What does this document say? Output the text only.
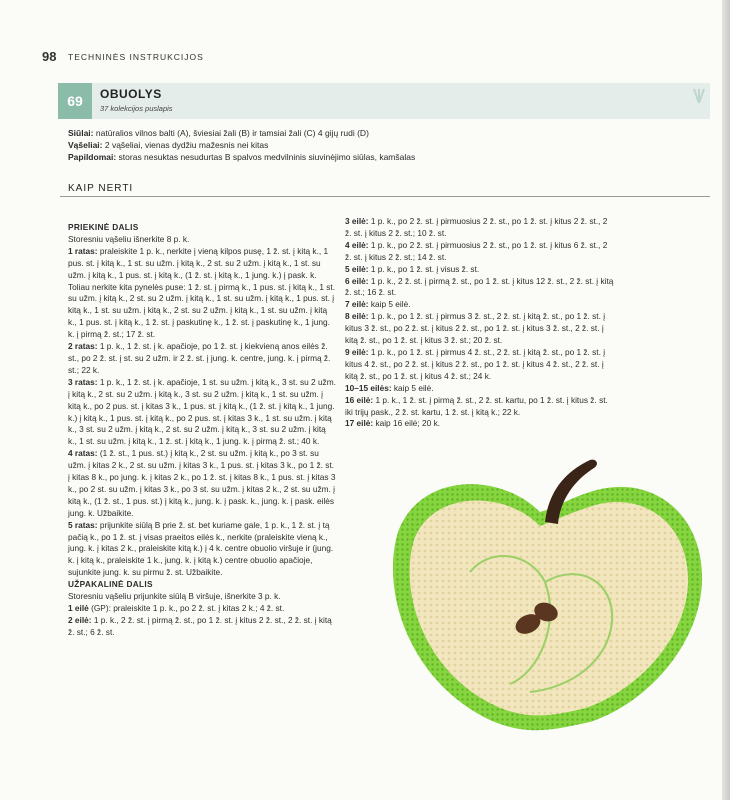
98 TECHNINĖS INSTRUKCIJOS
69	OBUOLYS
37 kolekcijos puslapis
Siūlai: natūralios vilnos balti (A), šviesiai žali (B) ir tamsiai žali (C) 4 gijų rudi (D)
Vąšeliai: 2 vąšeliai, vienas dydžiu mažesnis nei kitas
Papildomai: storas nesuktas nesudurtas B spalvos medvilninis siuvinėjimo siūlas, kamšalas
KAIP NERTI

PRIEKINĖ DALIS

Storesniu vąšeliu išnerkite 8 p. k.

1 ratas: praleiskite 1 p. k., nerkite į vieną kilpos pusę, 1 ž. st. į kitą k., 1 pus. st. į kitą k., 1 st. su užm. į kitą k., 2 st. su 2 užm. į kitą k., 1 st. su užm. į kitą k., 1 pus. st. į kitą k., (1 ž. st. į kitą k., 1 jung. k.) į pask. k. Toliau nerkite kita pynelės puse: 1 ž. st. į pirmą k., 1 pus. st. į kitą k., 1 st. su užm. į kitą k., 2 st. su 2 užm. į kitą k., 1 st. su užm. į kitą k., 1 pus. st. į kitą k., 1 st. su užm. į kitą k., 2 st. su 2 užm. į kitą k., 1 st. su užm. į kitą k., 1 pus. st. į kitą k., 1 ž. st. į paskutinę k., 1 ž. st. į paskutinę k., 1 jung. k. į pirmą ž. st.; 17 ž. st.

2 ratas: 1 p. k., 1 ž. st. į k. apačioje, po 1 ž. st. į kiekvieną anos eilės ž. st., po 2 ž. st. į st. su 2 užm. ir 2 ž. st. į jung. k. centre, jung. k. į pirmą ž. st.; 22 k.

3 ratas: 1 p. k., 1 ž. st. į k. apačioje, 1 st. su užm. į kitą k., 3 st. su 2 užm. į kitą k., 2 st. su 2 užm. į kitą k., 3 st. su 2 užm. į kitą k., 1 st. su užm. į kitą k., po 2 pus. st. į kitas 3 k., 1 pus. st. į kitą k., (1 ž. st. į kitą k., 1 jung. k.) į kitą k., 1 pus. st. į kitą k., po 2 pus. st. į kitas 3 k., 1 st. su užm. į kitą k., 3 st. su 2 užm. į kitą k., 2 st. su 2 užm. į kitą k., 3 st. su 2 užm. į kitą k., 1 st. su užm. į kitą k., 1 ž. st. į kitą k., 1 jung. k. į pirmą ž. st.; 40 k.

4 ratas: (1 ž. st., 1 pus. st.) į kitą k., 2 st. su užm. į kitą k., po 3 st. su užm. į kitas 2 k., 2 st. su užm. į kitas 3 k., 1 pus. st. į kitas 3 k., po 1 ž. st. į kitas 8 k., po jung. k. į kitas 2 k., po 1 ž. st. į kitas 8 k., 1 pus. st. į kitas 3 k., po 2 st. su užm. į kitas 3 k., po 3 st. su užm. į kitas 2 k., 2 st. su užm. į kitą k., (1 ž. st., 1 pus. st.) į kitą k., jung. k. į pask. k., jung. k. į pask. eilės jung. k. Užbaikite.

5 ratas: prijunkite siūlą B prie ž. st. bet kuriame gale, 1 p. k., 1 ž. st. į tą pačią k., po 1 ž. st. į visas praeitos eilės k., nerkite (praleiskite vieną k., jung. k. į kitas 2 k., praleiskite kitą k.) į 4 k. centre obuolio viršuje ir (jung. k. į kitą k., praleiskite 1 k., jung. k. į kitą k.) centre obuolio apačioje, sujunkite jung. k. su pirmu ž. st. Užbaikite.

UŽPAKALINĖ DALIS

Storesniu vąšeliu prijunkite siūlą B viršuje, išnerkite 3 p. k.

1 eilė (GP): praleiskite 1 p. k., po 2 ž. st. į kitas 2 k.; 4 ž. st.

2 eilė: 1 p. k., 2 ž. st. į pirmą ž. st., po 1 ž. st. į kitus 2 ž. st., 2 ž. st. į kitą ž. st.; 6 ž. st.

3 eilė: 1 p. k., po 2 ž. st. į pirmuosius 2 ž. st., po 1 ž. st. į kitus 2 ž. st., 2 ž. st. į kitus 2 ž. st.; 10 ž. st.

4 eilė: 1 p. k., po 2 ž. st. į pirmuosius 2 ž. st., po 1 ž. st. į kitus 6 ž. st., 2 ž. st. į kitus 2 ž. st.; 14 ž. st.

5 eilė: 1 p. k., po 1 ž. st. į visus ž. st.

6 eilė: 1 p. k., 2 ž. st. į pirmą ž. st., po 1 ž. st. į kitus 12 ž. st., 2 ž. st. į kitą ž. st.; 16 ž. st.

7 eilė: kaip 5 eilė.

8 eilė: 1 p. k., po 1 ž. st. į pirmus 3 ž. st., 2 ž. st. į kitą ž. st., po 1 ž. st. į kitus 3 ž. st., po 2 ž. st. į kitus 2 ž. st., po 1 ž. st. į kitus 3 ž. st., 2 ž. st. į kitą ž. st., po 1 ž. st. į kitus 3 ž. st.; 20 ž. st.

9 eilė: 1 p. k., po 1 ž. st. į pirmus 4 ž. st., 2 ž. st. į kitą ž. st., po 1 ž. st. į kitus 4 ž. st., po 2 ž. st. į kitus 2 ž. st., po 1 ž. st. į kitus 4 ž. st., 2 ž. st. į kitą ž. st., po 1 ž. st. į kitus 4 ž. st.; 24 k.

10–15 eilės: kaip 5 eilė.

16 eilė: 1 p. k., 1 ž. st. į pirmą ž. st., 2 ž. st. kartu, po 1 ž. st. į kitus ž. st. iki trijų pask., 2 ž. st. kartu, 1 ž. st. į kitą k.; 22 k.

17 eilė: kaip 16 eilė; 20 k.
